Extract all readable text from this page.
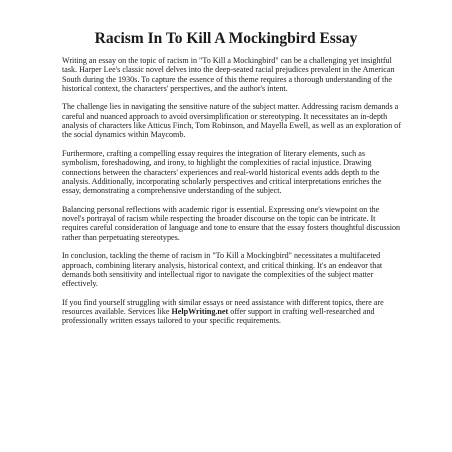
Racism In To Kill A Mockingbird Essay

Writing an essay on the topic of racism in "To Kill a Mockingbird" can be a challenging yet insightful task. Harper Lee's classic novel delves into the deep-seated racial prejudices prevalent in the American South during the 1930s. To capture the essence of this theme requires a thorough understanding of the historical context, the characters' perspectives, and the author's intent.

The challenge lies in navigating the sensitive nature of the subject matter. Addressing racism demands a careful and nuanced approach to avoid oversimplification or stereotyping. It necessitates an in-depth analysis of characters like Atticus Finch, Tom Robinson, and Mayella Ewell, as well as an exploration of the social dynamics within Maycomb.

Furthermore, crafting a compelling essay requires the integration of literary elements, such as symbolism, foreshadowing, and irony, to highlight the complexities of racial injustice. Drawing connections between the characters' experiences and real-world historical events adds depth to the analysis. Additionally, incorporating scholarly perspectives and critical interpretations enriches the essay, demonstrating a comprehensive understanding of the subject.

Balancing personal reflections with academic rigor is essential. Expressing one's viewpoint on the novel's portrayal of racism while respecting the broader discourse on the topic can be intricate. It requires careful consideration of language and tone to ensure that the essay fosters thoughtful discussion rather than perpetuating stereotypes.

In conclusion, tackling the theme of racism in "To Kill a Mockingbird" necessitates a multifaceted approach, combining literary analysis, historical context, and critical thinking. It's an endeavor that demands both sensitivity and intellectual rigor to navigate the complexities of the subject matter effectively.

If you find yourself struggling with similar essays or need assistance with different topics, there are resources available. Services like HelpWriting.net offer support in crafting well-researched and professionally written essays tailored to your specific requirements.
